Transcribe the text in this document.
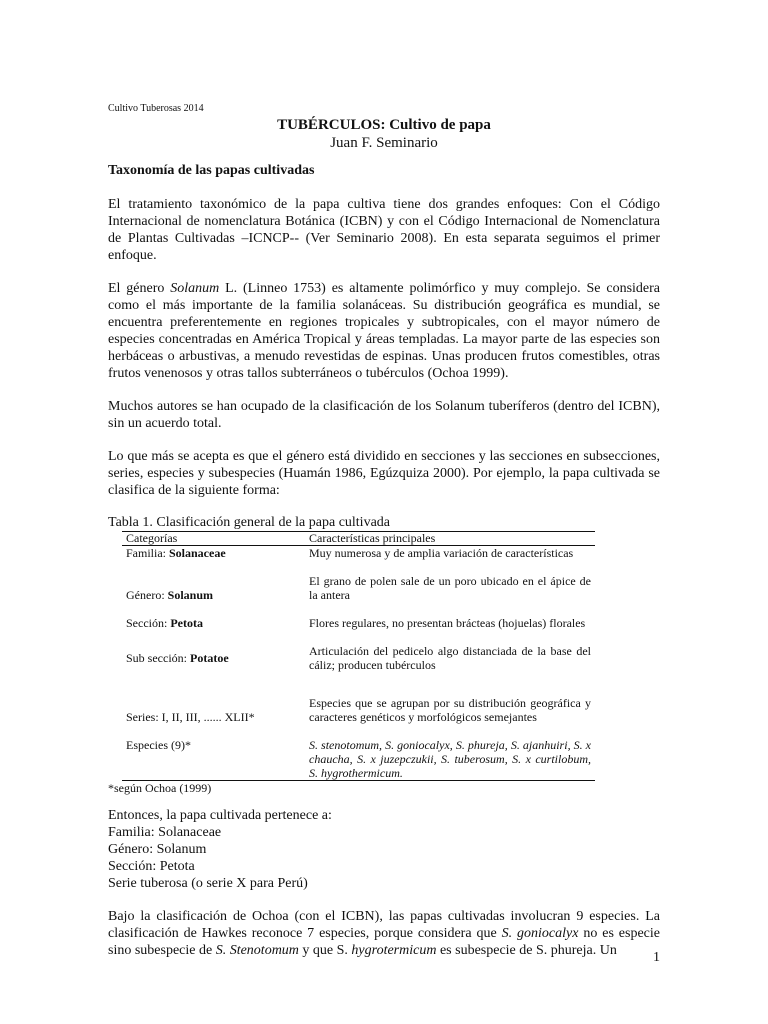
Cultivo Tuberosas 2014
TUBÉRCULOS: Cultivo de papa
Juan F. Seminario
Taxonomía de las papas cultivadas

El tratamiento taxonómico de la papa cultiva tiene dos grandes enfoques: Con el Código Internacional de nomenclatura Botánica (ICBN) y con el Código Internacional de Nomenclatura de Plantas Cultivadas –ICNCP-- (Ver Seminario 2008). En esta separata seguimos el primer enfoque.

El género Solanum L. (Linneo 1753) es altamente polimórfico y muy complejo. Se considera como el más importante de la familia solanáceas. Su distribución geográfica es mundial, se encuentra preferentemente en regiones tropicales y subtropicales, con el mayor número de especies concentradas en América Tropical y áreas templadas. La mayor parte de las especies son herbáceas o arbustivas, a menudo revestidas de espinas. Unas producen frutos comestibles, otras frutos venenosos y otras tallos subterráneos o tubérculos (Ochoa 1999).

Muchos autores se han ocupado de la clasificación de los Solanum tuberíferos (dentro del ICBN), sin un acuerdo total.

Lo que más se acepta es que el género está dividido en secciones y las secciones en subsecciones, series, especies y subespecies (Huamán 1986, Egúzquiza 2000). Por ejemplo, la papa cultivada se clasifica de la siguiente forma:

Tabla 1. Clasificación general de la papa cultivada

Categorías	Características principales
Familia: Solanaceae	Muy numerosa y de amplia variación de características

Género: Solanum	El grano de polen sale de un poro ubicado en el ápice de la antera

Sección: Petota	Flores regulares, no presentan brácteas (hojuelas) florales

Sub sección: Potatoe	Articulación del pedicelo algo distanciada de la base del cáliz; producen tubérculos

Series: I, II, III, ...... XLII*	Especies que se agrupan por su distribución geográfica y caracteres genéticos y morfológicos semejantes

Especies (9)*	S. stenotomum, S. goniocalyx, S. phureja, S. ajanhuiri, S. x chaucha, S. x juzepczukii, S. tuberosum, S. x curtilobum, S. hygrothermicum.

*según Ochoa (1999)

Entonces, la papa cultivada pertenece a:

Familia: Solanaceae

Género: Solanum

Sección: Petota

Serie tuberosa (o serie X para Perú)

Bajo la clasificación de Ochoa (con el ICBN), las papas cultivadas involucran 9 especies. La clasificación de Hawkes reconoce 7 especies, porque considera que S. goniocalyx no es especie sino subespecie de S. Stenotomum y que S. hygrotermicum es subespecie de S. phureja. Un	1
